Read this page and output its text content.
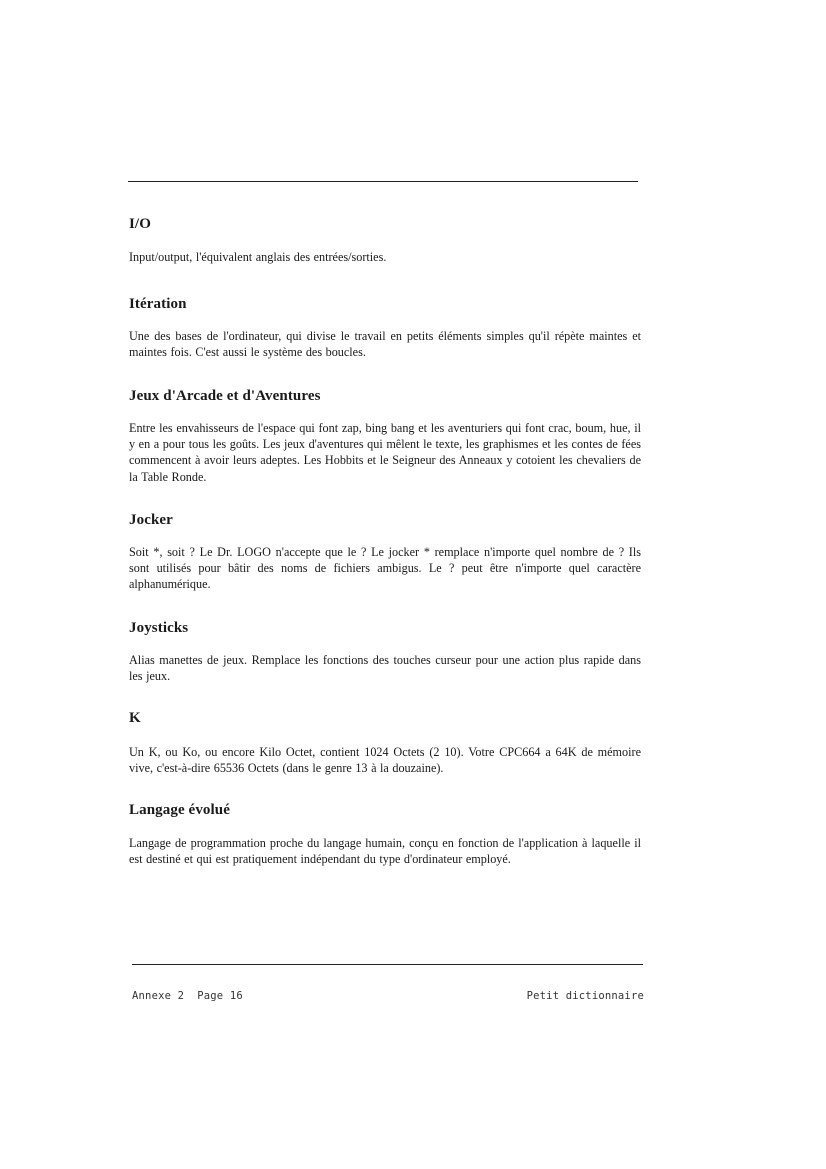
I/O

Input/output, l'équivalent anglais des entrées/sorties.

Itération

Une des bases de l'ordinateur, qui divise le travail en petits éléments simples qu'il répète maintes et maintes fois. C'est aussi le système des boucles.

Jeux d'Arcade et d'Aventures

Entre les envahisseurs de l'espace qui font zap, bing bang et les aventuriers qui font crac, boum, hue, il y en a pour tous les goûts. Les jeux d'aventures qui mêlent le texte, les graphismes et les contes de fées commencent à avoir leurs adeptes. Les Hobbits et le Seigneur des Anneaux y cotoient les chevaliers de la Table Ronde.

Jocker

Soit *, soit ? Le Dr. LOGO n'accepte que le ? Le jocker * remplace n'importe quel nombre de ? Ils sont utilisés pour bâtir des noms de fichiers ambigus. Le ? peut être n'importe quel caractère alphanumérique.

Joysticks

Alias manettes de jeux. Remplace les fonctions des touches curseur pour une action plus rapide dans les jeux.

K

Un K, ou Ko, ou encore Kilo Octet, contient 1024 Octets (2 10). Votre CPC664 a 64K de mémoire vive, c'est-à-dire 65536 Octets (dans le genre 13 à la douzaine).

Langage évolué

Langage de programmation proche du langage humain, conçu en fonction de l'application à laquelle il est destiné et qui est pratiquement indépendant du type d'ordinateur employé.

Annexe 2  Page 16	Petit dictionnaire
